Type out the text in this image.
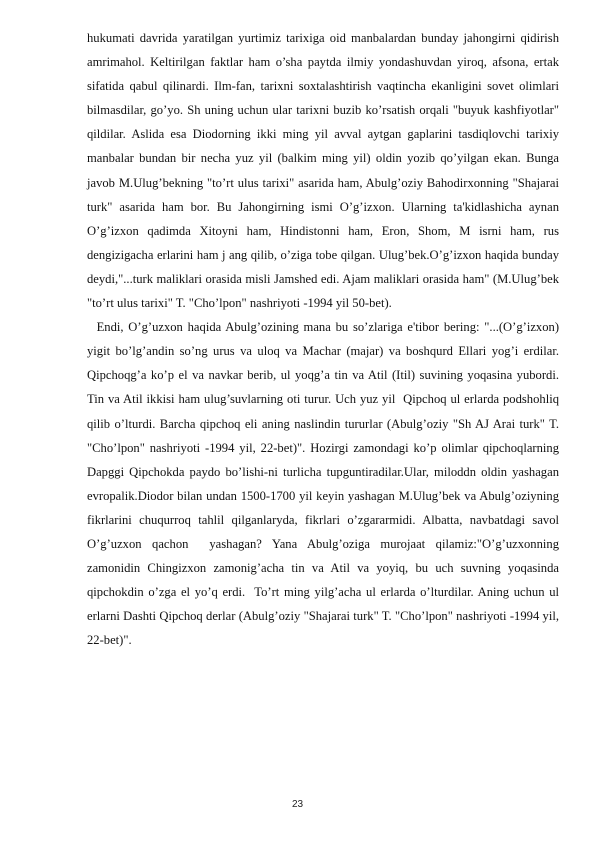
hukumati davrida yaratilgan yurtimiz tarixiga oid manbalardan bunday jahongirni qidirish amrimahol. Keltirilgan faktlar ham o’sha paytda ilmiy yondashuvdan yiroq, afsona, ertak sifatida qabul qilinardi. Ilm-fan, tarixni soxtalashtirish vaqtincha ekanligini sovet olimlari bilmasdilar, go’yo. Sh uning uchun ular tarixni buzib ko’rsatish orqali "buyuk kashfiyotlar" qildilar. Aslida esa Diodorning ikki ming yil avval aytgan gaplarini tasdiqlovchi tarixiy manbalar bundan bir necha yuz yil (balkim ming yil) oldin yozib qo’yilgan ekan. Bunga javob M.Ulug’bekning "to’rt ulus tarixi" asarida ham, Abulg’oziy Bahodirxonning "Shajarai turk" asarida ham bor. Bu Jahongirning ismi O’g’izxon. Ularning ta'kidlashicha aynan O’g’izxon qadimda Xitoyni ham, Hindistonni ham, Eron, Shom, M isrni ham, rus dengizigacha erlarini ham j ang qilib, o’ziga tobe qilgan. Ulug’bek.O’g’izxon haqida bunday deydi,"...turk maliklari orasida misli Jamshed edi. Ajam maliklari orasida ham" (M.Ulug’bek "to’rt ulus tarixi" T. "Cho’lpon" nashriyoti -1994 yil 50-bet).

Endi, O’g’uzxon haqida Abulg’ozining mana bu so’zlariga e'tibor bering: "...(O’g’izxon) yigit bo’lg’andin so’ng urus va uloq va Machar (majar) va boshqurd Ellari yog’i erdilar. Qipchoqg’a ko’p el va navkar berib, ul yoqg’a tin va Atil (Itil) suvining yoqasina yubordi. Tin va Atil ikkisi ham ulug’suvlarning oti turur. Uch yuz yil  Qipchoq ul erlarda podshohliq qilib o’lturdi. Barcha qipchoq eli aning naslindin tururlar (Abulg’oziy "Sh AJ Arai turk" T. "Cho’lpon" nashriyoti -1994 yil, 22-bet)". Hozirgi zamondagi ko’p olimlar qipchoqlarning Dapggi Qipchokda paydo bo’lishi-ni turlicha tupguntiradilar.Ular, miloddn oldin yashagan evropalik.Diodor bilan undan 1500-1700 yil keyin yashagan M.Ulug’bek va Abulg’oziyning fikrlarini chuqurroq tahlil qilganlaryda, fikrlari o’zgararmidi. Albatta, navbatdagi savol O’g’uzxon qachon  yashagan? Yana Abulg’oziga murojaat qilamiz:"O’g’uzxonning zamonidin Chingizxon zamonig’acha tin va Atil va yoyiq, bu uch suvning yoqasinda qipchokdin o’zga el yo’q erdi.  To’rt ming yilg’acha ul erlarda o’lturdilar. Aning uchun ul erlarni Dashti Qipchoq derlar (Abulg’oziy "Shajarai turk" T. "Cho’lpon" nashriyoti -1994 yil, 22-bet)".

23
